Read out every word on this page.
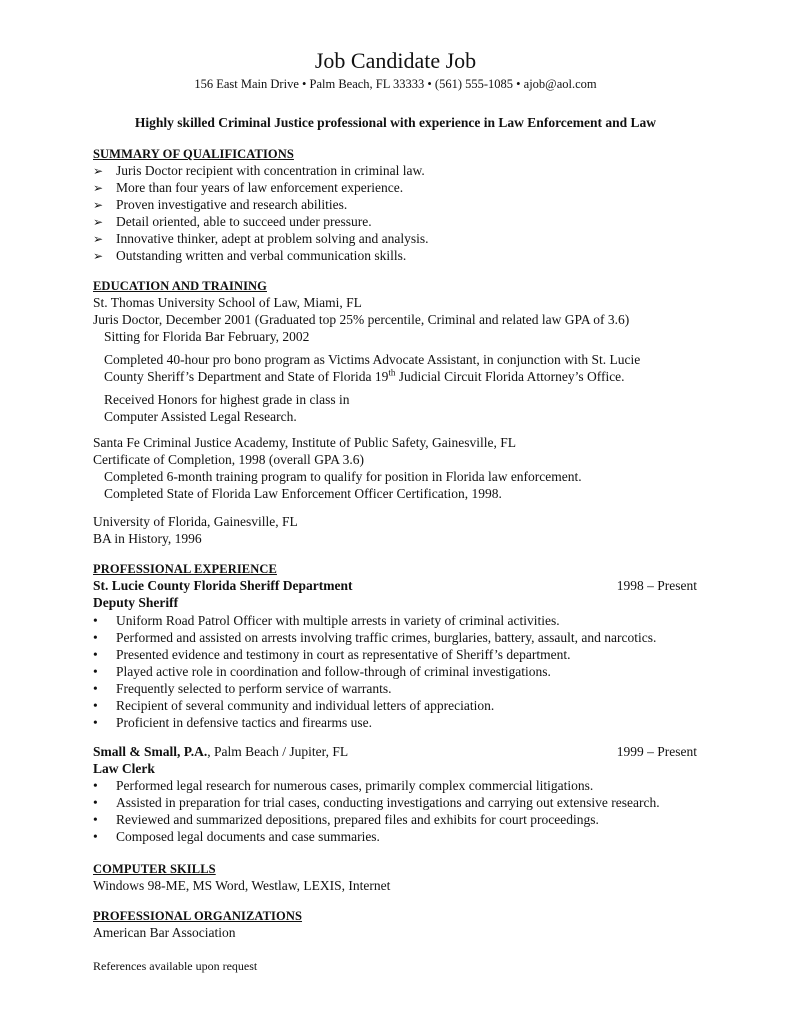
Job Candidate Job
156 East Main Drive • Palm Beach, FL 33333 • (561) 555-1085 • ajob@aol.com
Highly skilled Criminal Justice professional with experience in Law Enforcement and Law
SUMMARY OF QUALIFICATIONS
➢ Juris Doctor recipient with concentration in criminal law.
➢ More than four years of law enforcement experience.
➢ Proven investigative and research abilities.
➢ Detail oriented, able to succeed under pressure.
➢ Innovative thinker, adept at problem solving and analysis.
➢ Outstanding written and verbal communication skills.
EDUCATION AND TRAINING
St. Thomas University School of Law, Miami, FL
Juris Doctor, December 2001 (Graduated top 25% percentile, Criminal and related law GPA of 3.6)
Sitting for Florida Bar February, 2002
Completed 40-hour pro bono program as Victims Advocate Assistant, in conjunction with St. Lucie
County Sheriff’s Department and State of Florida 19th Judicial Circuit Florida Attorney’s Office.
Received Honors for highest grade in class in
Computer Assisted Legal Research.
Santa Fe Criminal Justice Academy, Institute of Public Safety, Gainesville, FL
Certificate of Completion, 1998 (overall GPA 3.6)
Completed 6-month training program to qualify for position in Florida law enforcement.
Completed State of Florida Law Enforcement Officer Certification, 1998.
University of Florida, Gainesville, FL
BA in History, 1996
PROFESSIONAL EXPERIENCE
St. Lucie County Florida Sheriff Department	1998 – Present
Deputy Sheriff
• Uniform Road Patrol Officer with multiple arrests in variety of criminal activities.
• Performed and assisted on arrests involving traffic crimes, burglaries, battery, assault, and narcotics.
• Presented evidence and testimony in court as representative of Sheriff’s department.
• Played active role in coordination and follow-through of criminal investigations.
• Frequently selected to perform service of warrants.
• Recipient of several community and individual letters of appreciation.
• Proficient in defensive tactics and firearms use.
Small & Small, P.A., Palm Beach / Jupiter, FL	1999 – Present
Law Clerk
• Performed legal research for numerous cases, primarily complex commercial litigations.
• Assisted in preparation for trial cases, conducting investigations and carrying out extensive research.
• Reviewed and summarized depositions, prepared files and exhibits for court proceedings.
• Composed legal documents and case summaries.
COMPUTER SKILLS
Windows 98-ME, MS Word, Westlaw, LEXIS, Internet
PROFESSIONAL ORGANIZATIONS
American Bar Association
References available upon request
